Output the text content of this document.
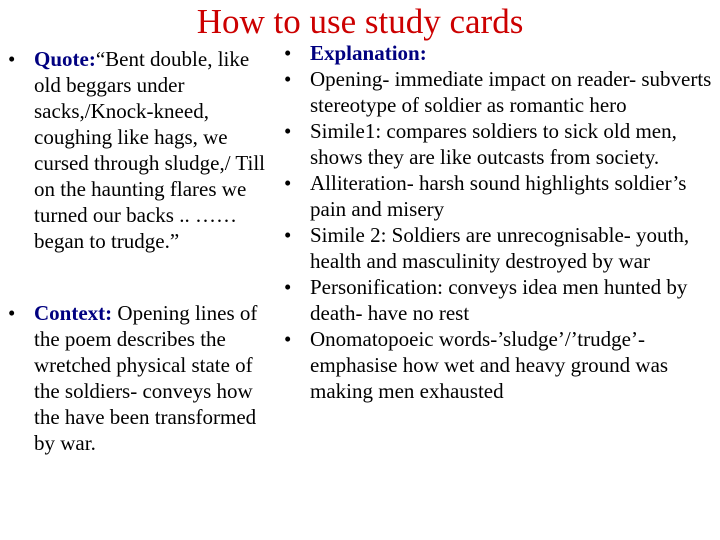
How to use study cards
• Quote:“Bent double, like old beggars under sacks,/Knock-kneed, coughing like hags, we cursed through sludge,/ Till on the haunting flares we turned our backs .. …… began to trudge.”
• Context: Opening lines of the poem describes the wretched physical state of the soldiers- conveys how the have been transformed by war.
• Explanation:
• Opening- immediate impact on reader- subverts stereotype of soldier as romantic hero
• Simile1: compares soldiers to sick old men, shows they are like outcasts from society.
• Alliteration- harsh sound highlights soldier’s pain and misery
• Simile 2: Soldiers are unrecognisable- youth, health and masculinity destroyed by war
• Personification: conveys idea men hunted by death- have no rest
• Onomatopoeic words-’sludge’/’trudge’- emphasise how wet and heavy ground was making men exhausted
